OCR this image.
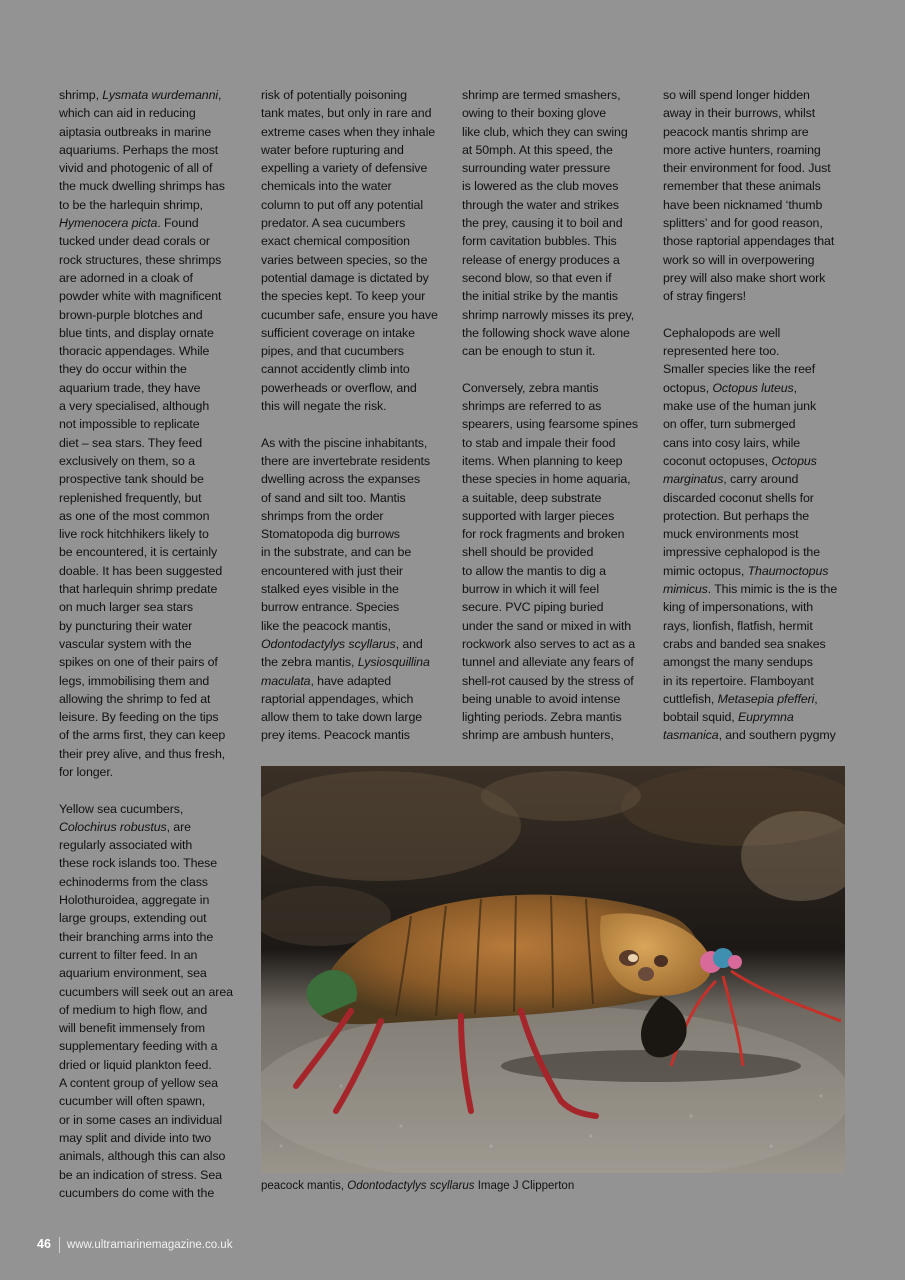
shrimp, Lysmata wurdemanni,
which can aid in reducing
aiptasia outbreaks in marine
aquariums. Perhaps the most
vivid and photogenic of all of
the muck dwelling shrimps has
to be the harlequin shrimp,
Hymenocera picta. Found
tucked under dead corals or
rock structures, these shrimps
are adorned in a cloak of
powder white with magnificent
brown-purple blotches and
blue tints, and display ornate
thoracic appendages. While
they do occur within the
aquarium trade, they have
a very specialised, although
not impossible to replicate
diet – sea stars. They feed
exclusively on them, so a
prospective tank should be
replenished frequently, but
as one of the most common
live rock hitchhikers likely to
be encountered, it is certainly
doable. It has been suggested
that harlequin shrimp predate
on much larger sea stars
by puncturing their water
vascular system with the
spikes on one of their pairs of
legs, immobilising them and
allowing the shrimp to fed at
leisure. By feeding on the tips
of the arms first, they can keep
their prey alive, and thus fresh,
for longer.

Yellow sea cucumbers,
Colochirus robustus, are
regularly associated with
these rock islands too. These
echinoderms from the class
Holothuroidea, aggregate in
large groups, extending out
their branching arms into the
current to filter feed. In an
aquarium environment, sea
cucumbers will seek out an area
of medium to high flow, and
will benefit immensely from
supplementary feeding with a
dried or liquid plankton feed.
A content group of yellow sea
cucumber will often spawn,
or in some cases an individual
may split and divide into two
animals, although this can also
be an indication of stress. Sea
cucumbers do come with the

risk of potentially poisoning
tank mates, but only in rare and
extreme cases when they inhale
water before rupturing and
expelling a variety of defensive
chemicals into the water
column to put off any potential
predator. A sea cucumbers
exact chemical composition
varies between species, so the
potential damage is dictated by
the species kept. To keep your
cucumber safe, ensure you have
sufficient coverage on intake
pipes, and that cucumbers
cannot accidently climb into
powerheads or overflow, and
this will negate the risk.

As with the piscine inhabitants,
there are invertebrate residents
dwelling across the expanses
of sand and silt too. Mantis
shrimps from the order
Stomatopoda dig burrows
in the substrate, and can be
encountered with just their
stalked eyes visible in the
burrow entrance. Species
like the peacock mantis,
Odontodactylys scyllarus, and
the zebra mantis, Lysiosquillina
maculata, have adapted
raptorial appendages, which
allow them to take down large
prey items. Peacock mantis

shrimp are termed smashers,
owing to their boxing glove
like club, which they can swing
at 50mph. At this speed, the
surrounding water pressure
is lowered as the club moves
through the water and strikes
the prey, causing it to boil and
form cavitation bubbles. This
release of energy produces a
second blow, so that even if
the initial strike by the mantis
shrimp narrowly misses its prey,
the following shock wave alone
can be enough to stun it.

Conversely, zebra mantis
shrimps are referred to as
spearers, using fearsome spines
to stab and impale their food
items. When planning to keep
these species in home aquaria,
a suitable, deep substrate
supported with larger pieces
for rock fragments and broken
shell should be provided
to allow the mantis to dig a
burrow in which it will feel
secure. PVC piping buried
under the sand or mixed in with
rockwork also serves to act as a
tunnel and alleviate any fears of
shell-rot caused by the stress of
being unable to avoid intense
lighting periods. Zebra mantis
shrimp are ambush hunters,

so will spend longer hidden
away in their burrows, whilst
peacock mantis shrimp are
more active hunters, roaming
their environment for food. Just
remember that these animals
have been nicknamed ‘thumb
splitters’ and for good reason,
those raptorial appendages that
work so will in overpowering
prey will also make short work
of stray fingers!

Cephalopods are well
represented here too.
Smaller species like the reef
octopus, Octopus luteus,
make use of the human junk
on offer, turn submerged
cans into cosy lairs, while
coconut octopuses, Octopus
marginatus, carry around
discarded coconut shells for
protection. But perhaps the
muck environments most
impressive cephalopod is the
mimic octopus, Thaumoctopus
mimicus. This mimic is the is the
king of impersonations, with
rays, lionfish, flatfish, hermit
crabs and banded sea snakes
amongst the many sendups
in its repertoire. Flamboyant
cuttlefish, Metasepia pfefferi,
bobtail squid, Euprymna
tasmanica, and southern pygmy

peacock mantis, Odontodactylys scyllarus Image J Clipperton
46 www.ultramarinemagazine.co.uk
